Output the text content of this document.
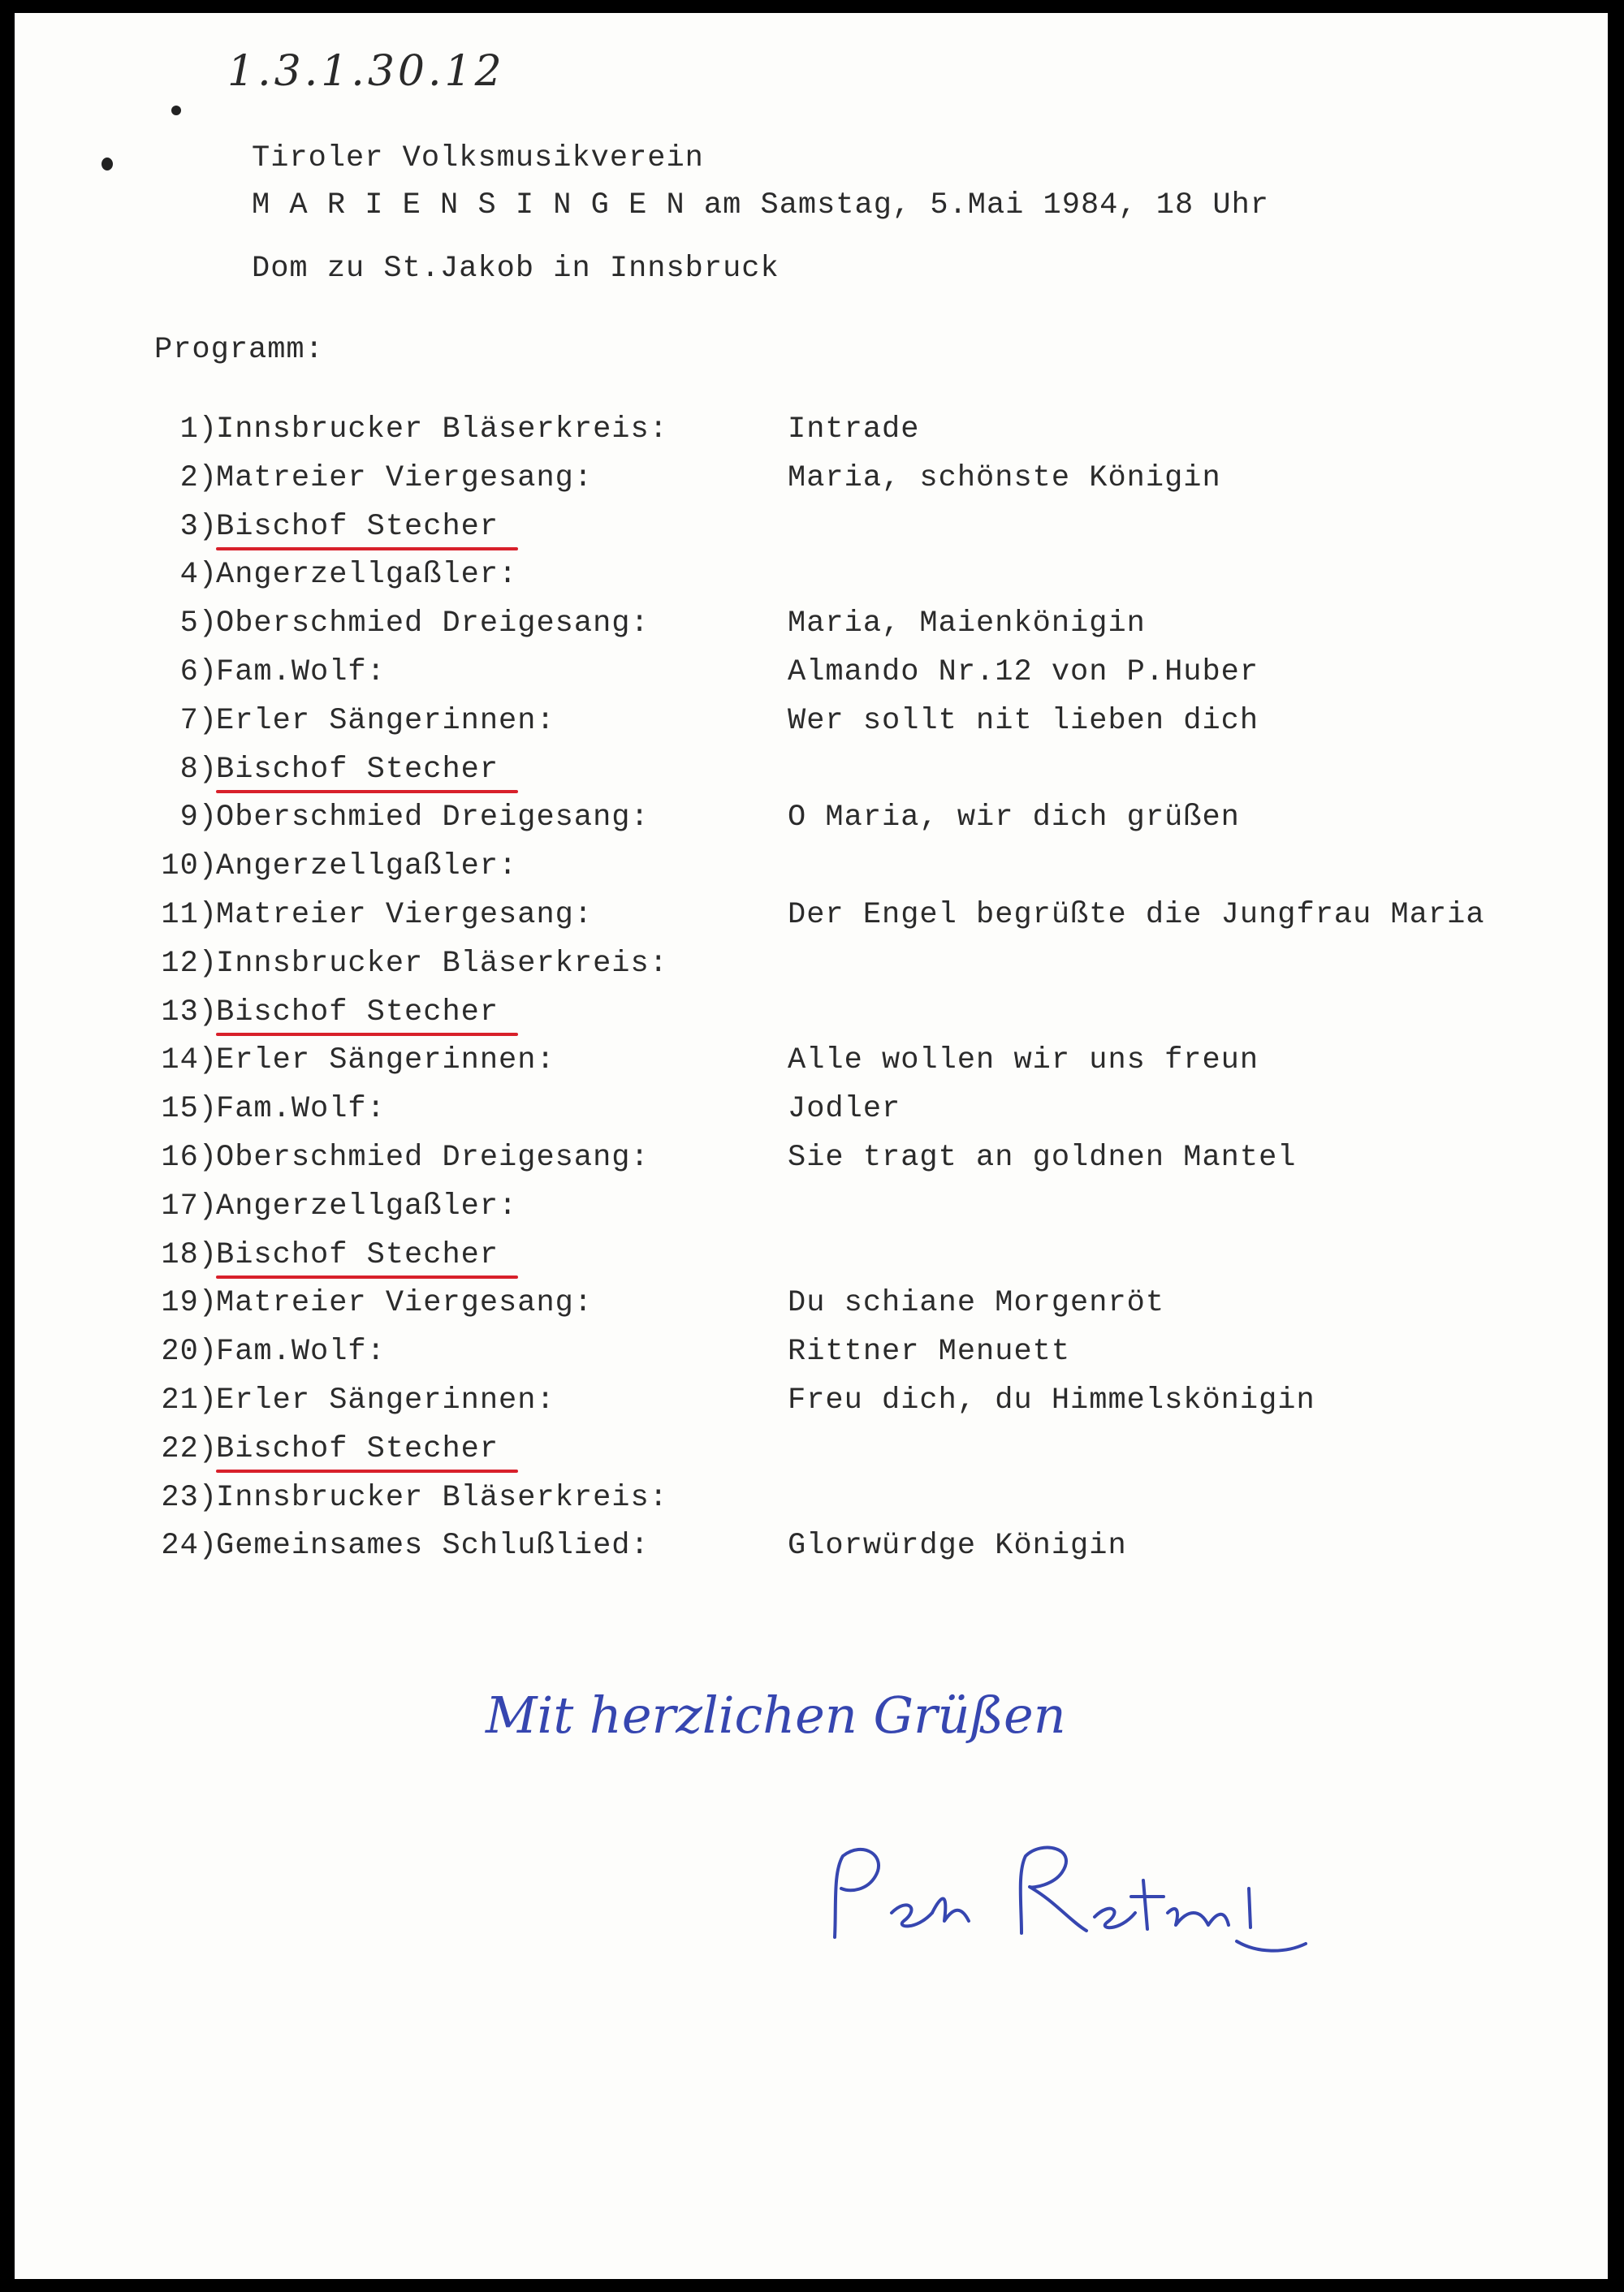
1.3.1.30.12
Tiroler Volksmusikverein
M A R I E N S I N G E N am Samstag, 5.Mai 1984, 18 Uhr
Dom zu St.Jakob in Innsbruck
Programm:
1)
Innsbrucker Bläserkreis:	Intrade
2)
Matreier Viergesang:	Maria, schönste Königin
3)
Bischof Stecher
4)
Angerzellgaßler:
5)
Oberschmied Dreigesang:	Maria, Maienkönigin
6)
Fam.Wolf:	Almando Nr.12 von P.Huber
7)
Erler Sängerinnen:	Wer sollt nit lieben dich
8)
Bischof Stecher
9)
Oberschmied Dreigesang:	O Maria, wir dich grüßen
10)
Angerzellgaßler:
11)
Matreier Viergesang:	Der Engel begrüßte die Jungfrau Maria
12)
Innsbrucker Bläserkreis:
13)
Bischof Stecher
14)
Erler Sängerinnen:	Alle wollen wir uns freun
15)
Fam.Wolf:	Jodler
16)
Oberschmied Dreigesang:	Sie tragt an goldnen Mantel
17)
Angerzellgaßler:
18)
Bischof Stecher
19)
Matreier Viergesang:	Du schiane Morgenröt
20)
Fam.Wolf:	Rittner Menuett
21)
Erler Sängerinnen:	Freu dich, du Himmelskönigin
22)
Bischof Stecher
23)
Innsbrucker Bläserkreis:
24)
Gemeinsames Schlußlied:	Glorwürdge Königin
Mit herzlichen Grüßen
Peter Reitmeir
